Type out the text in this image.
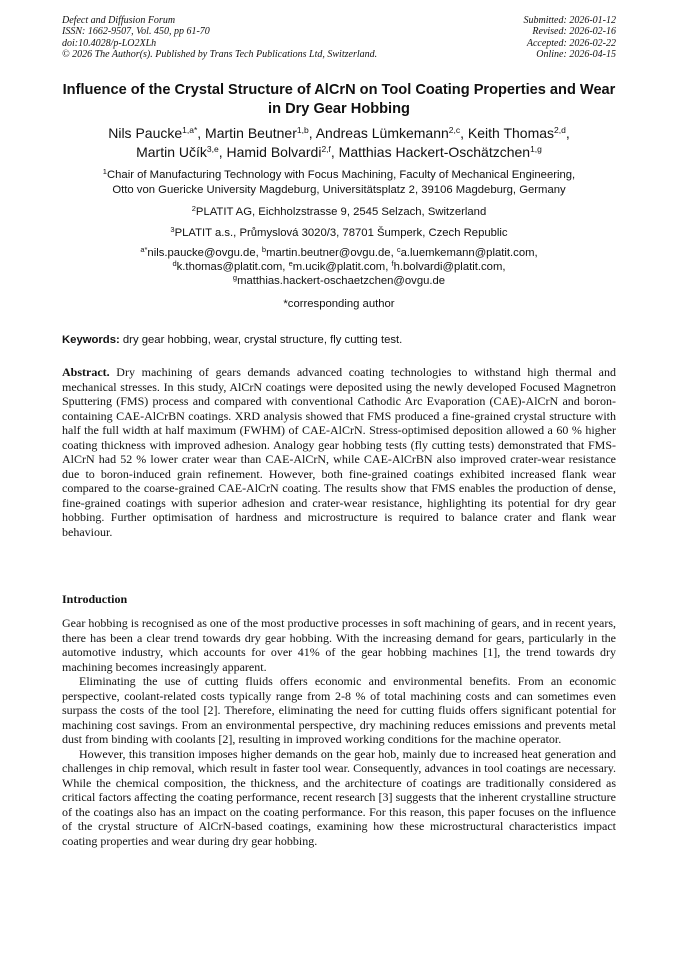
Defect and Diffusion Forum
ISSN: 1662-9507, Vol. 450, pp 61-70
doi:10.4028/p-LO2XLh
© 2026 The Author(s). Published by Trans Tech Publications Ltd, Switzerland.
Submitted: 2026-01-12
Revised: 2026-02-16
Accepted: 2026-02-22
Online: 2026-04-15
Influence of the Crystal Structure of AlCrN on Tool Coating Properties and Wear in Dry Gear Hobbing
Nils Paucke$^{1,a*}$, Martin Beutner$^{1,b}$, Andreas Lümkemann$^{2,c}$, Keith Thomas$^{2,d}$,
Martin Učík$^{3,e}$, Hamid Bolvardi$^{2,f}$, Matthias Hackert-Oschätzchen$^{1,g}$
$^1$Chair of Manufacturing Technology with Focus Machining, Faculty of Mechanical Engineering,
Otto von Guericke University Magdeburg, Universitätsplatz 2, 39106 Magdeburg, Germany
$^2$PLATIT AG, Eichholzstrasse 9, 2545 Selzach, Switzerland
$^3$PLATIT a.s., Průmyslová 3020/3, 78701 Šumperk, Czech Republic
$^{a*}$nils.paucke@ovgu.de, $^b$martin.beutner@ovgu.de, $^c$a.luemkemann@platit.com,
$^d$k.thomas@platit.com, $^e$m.ucik@platit.com, $^f$h.bolvardi@platit.com,
$^g$matthias.hackert-oschaetzchen@ovgu.de
*corresponding author
Keywords: dry gear hobbing, wear, crystal structure, fly cutting test.
Abstract. Dry machining of gears demands advanced coating technologies to withstand high thermal and mechanical stresses. In this study, AlCrN coatings were deposited using the newly developed Focused Magnetron Sputtering (FMS) process and compared with conventional Cathodic Arc Evaporation (CAE)-AlCrN and boron-containing CAE-AlCrBN coatings. XRD analysis showed that FMS produced a fine-grained crystal structure with half the full width at half maximum (FWHM) of CAE-AlCrN. Stress-optimised deposition allowed a 60 % higher coating thickness with improved adhesion. Analogy gear hobbing tests (fly cutting tests) demonstrated that FMS-AlCrN had 52 % lower crater wear than CAE-AlCrN, while CAE-AlCrBN also improved crater-wear resistance due to boron-induced grain refinement. However, both fine-grained coatings exhibited increased flank wear compared to the coarse-grained CAE-AlCrN coating. The results show that FMS enables the production of dense, fine-grained coatings with superior adhesion and crater-wear resistance, highlighting its potential for dry gear hobbing. Further optimisation of hardness and microstructure is required to balance crater and flank wear behaviour.
Introduction

Gear hobbing is recognised as one of the most productive processes in soft machining of gears, and in recent years, there has been a clear trend towards dry gear hobbing. With the increasing demand for gears, particularly in the automotive industry, which accounts for over 41% of the gear hobbing machines [1], the trend towards dry machining becomes increasingly apparent.

Eliminating the use of cutting fluids offers economic and environmental benefits. From an economic perspective, coolant-related costs typically range from 2-8 % of total machining costs and can sometimes even surpass the costs of the tool [2]. Therefore, eliminating the need for cutting fluids offers significant potential for machining cost savings. From an environmental perspective, dry machining reduces emissions and prevents metal dust from binding with coolants [2], resulting in improved working conditions for the machine operator.

However, this transition imposes higher demands on the gear hob, mainly due to increased heat generation and challenges in chip removal, which result in faster tool wear. Consequently, advances in tool coatings are necessary. While the chemical composition, the thickness, and the architecture of coatings are traditionally considered as critical factors affecting the coating performance, recent research [3] suggests that the inherent crystalline structure of the coatings also has an impact on the coating performance. For this reason, this paper focuses on the influence of the crystal structure of AlCrN-based coatings, examining how these microstructural characteristics impact coating properties and wear during dry gear hobbing.
